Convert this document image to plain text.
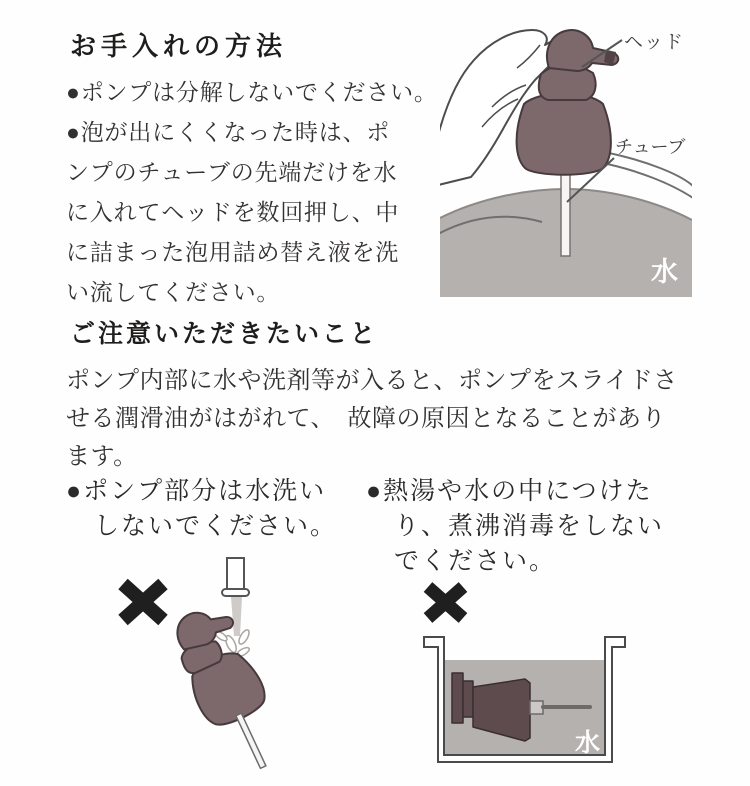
お手入れの方法
●ポンプは分解しないでください。
●泡が出にくくなった時は、ポ
ンプのチューブの先端だけを水
に入れてヘッドを数回押し、中
に詰まった泡用詰め替え液を洗
い流してください。
ヘッド
チューブ
水
ご注意いただきたいこと
ポンプ内部に水や洗剤等が入ると、ポンプをスライドさ
せる潤滑油がはがれて、　故障の原因となることがあり
ます。
●ポンプ部分は水洗い
しないでください。
●熱湯や水の中につけた
り、煮沸消毒をしない
でください。
水
